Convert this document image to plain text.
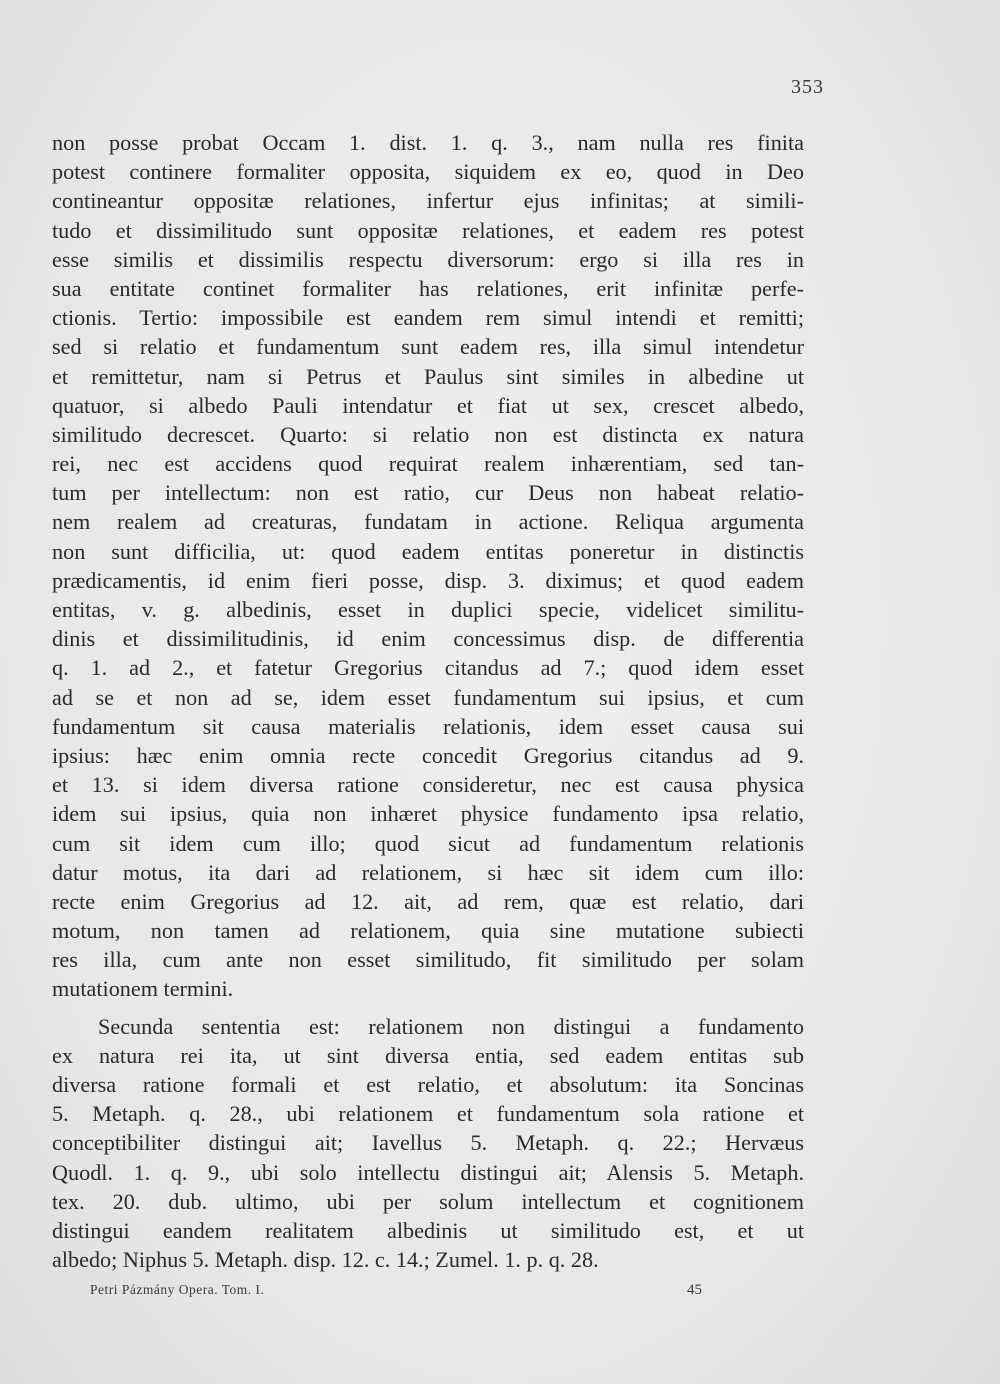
353
non posse probat Occam 1. dist. 1. q. 3., nam nulla res finita
potest continere formaliter opposita, siquidem ex eo, quod in Deo
contineantur oppositæ relationes, infertur ejus infinitas; at simili-
tudo et dissimilitudo sunt oppositæ relationes, et eadem res potest
esse similis et dissimilis respectu diversorum: ergo si illa res in
sua entitate continet formaliter has relationes, erit infinitæ perfe-
ctionis. Tertio: impossibile est eandem rem simul intendi et remitti;
sed si relatio et fundamentum sunt eadem res, illa simul intendetur
et remittetur, nam si Petrus et Paulus sint similes in albedine ut
quatuor, si albedo Pauli intendatur et fiat ut sex, crescet albedo,
similitudo decrescet. Quarto: si relatio non est distincta ex natura
rei, nec est accidens quod requirat realem inhærentiam, sed tan-
tum per intellectum: non est ratio, cur Deus non habeat relatio-
nem realem ad creaturas, fundatam in actione. Reliqua argumenta
non sunt difficilia, ut: quod eadem entitas poneretur in distinctis
prædicamentis, id enim fieri posse, disp. 3. diximus; et quod eadem
entitas, v. g. albedinis, esset in duplici specie, videlicet similitu-
dinis et dissimilitudinis, id enim concessimus disp. de differentia
q. 1. ad 2., et fatetur Gregorius citandus ad 7.; quod idem esset
ad se et non ad se, idem esset fundamentum sui ipsius, et cum
fundamentum sit causa materialis relationis, idem esset causa sui
ipsius: hæc enim omnia recte concedit Gregorius citandus ad 9.
et 13. si idem diversa ratione consideretur, nec est causa physica
idem sui ipsius, quia non inhæret physice fundamento ipsa relatio,
cum sit idem cum illo; quod sicut ad fundamentum relationis
datur motus, ita dari ad relationem, si hæc sit idem cum illo:
recte enim Gregorius ad 12. ait, ad rem, quæ est relatio, dari
motum, non tamen ad relationem, quia sine mutatione subiecti
res illa, cum ante non esset similitudo, fit similitudo per solam
mutationem termini.
Secunda sententia est: relationem non distingui a fundamento
ex natura rei ita, ut sint diversa entia, sed eadem entitas sub
diversa ratione formali et est relatio, et absolutum: ita Soncinas
5. Metaph. q. 28., ubi relationem et fundamentum sola ratione et
conceptibiliter distingui ait; Iavellus 5. Metaph. q. 22.; Hervæus
Quodl. 1. q. 9., ubi solo intellectu distingui ait; Alensis 5. Metaph.
tex. 20. dub. ultimo, ubi per solum intellectum et cognitionem
distingui eandem realitatem albedinis ut similitudo est, et ut
albedo; Niphus 5. Metaph. disp. 12. c. 14.; Zumel. 1. p. q. 28.
Petri Pázmány Opera. Tom. I.	45
